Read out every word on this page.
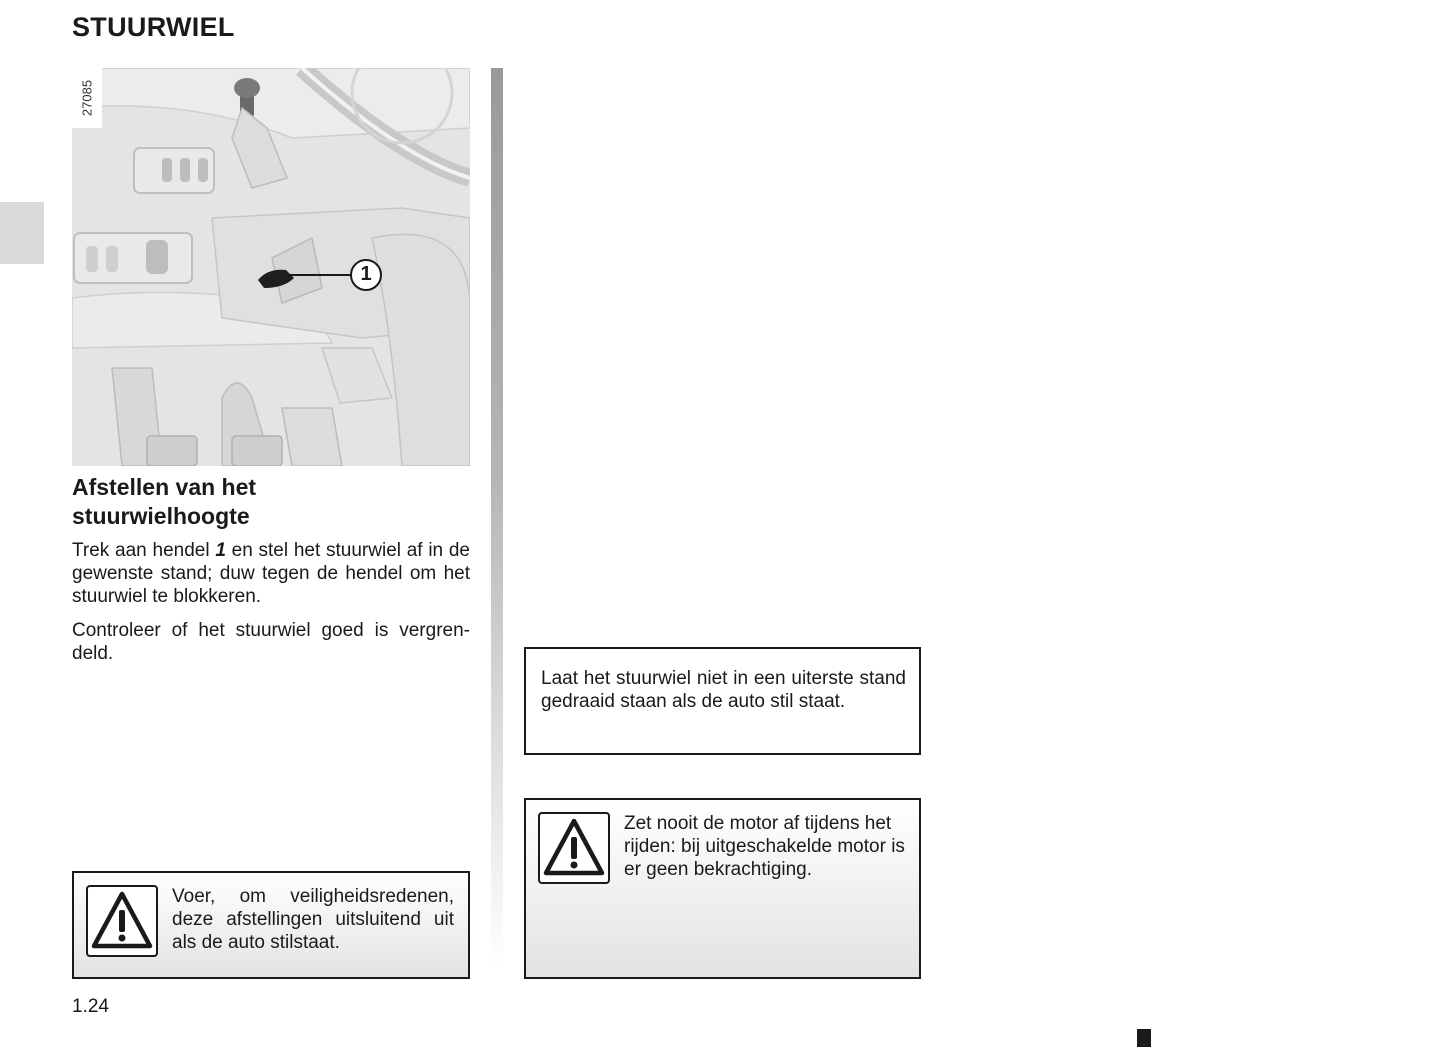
STUURWIEL
1
27085
Afstellen van het
stuurwielhoogte
Trek aan hendel 1 en stel het stuurwiel af in de gewenste stand; duw tegen de hendel om het stuurwiel te blokkeren.
Controleer of het stuurwiel goed is vergren-deld.
Voer, om veiligheidsredenen, deze afstellingen uitsluitend uit als de auto stilstaat.
Laat het stuurwiel niet in een uiterste stand gedraaid staan als de auto stil staat.
Zet nooit de motor af tijdens het rijden: bij uitgeschakelde motor is er geen bekrachtiging.
1.24
